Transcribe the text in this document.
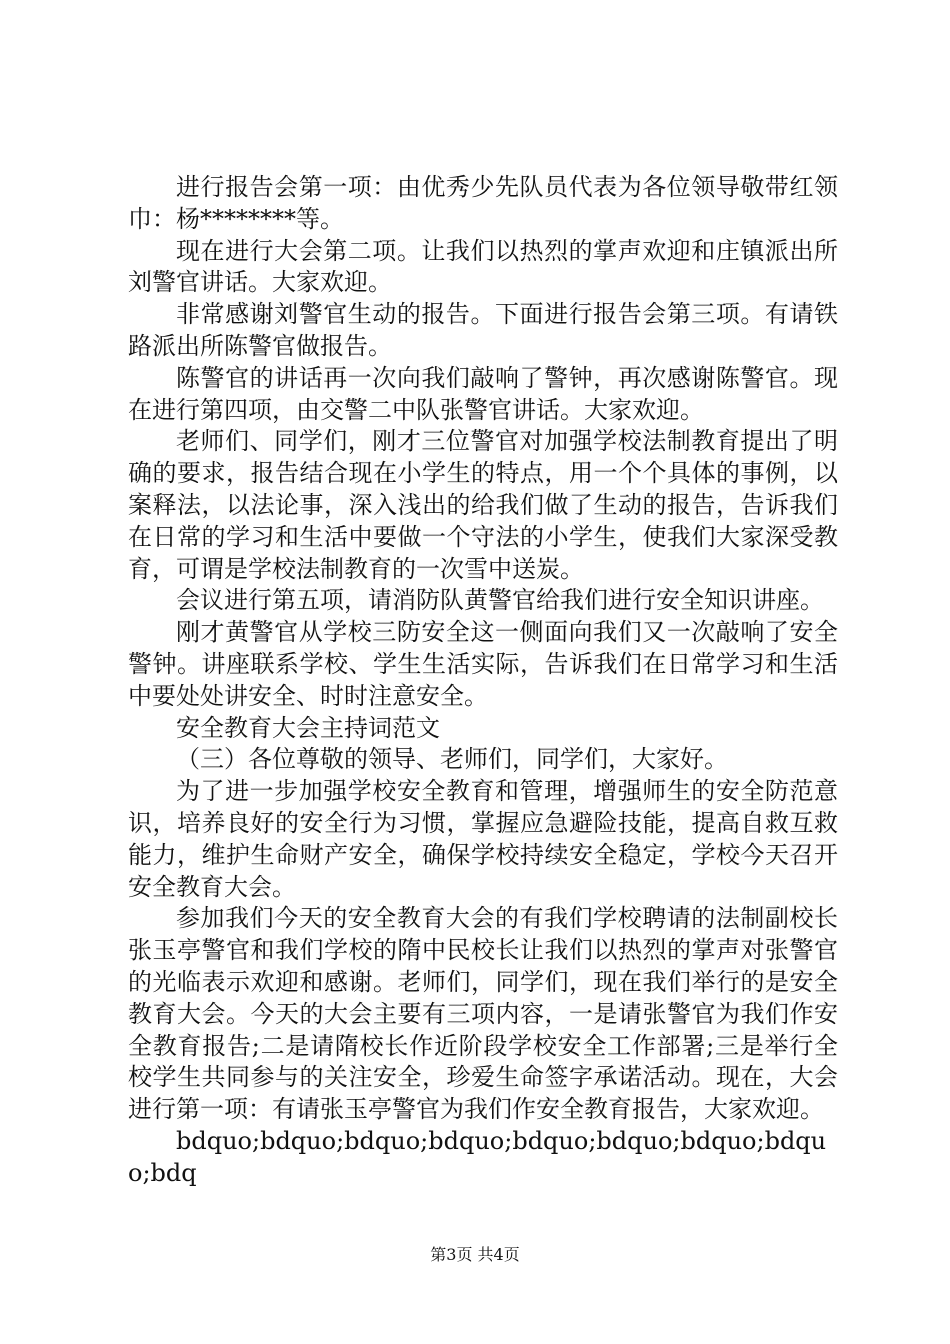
进行报告会第一项：由优秀少先队员代表为各位领导敬带红领巾：杨********等。

现在进行大会第二项。让我们以热烈的掌声欢迎和庄镇派出所刘警官讲话。大家欢迎。

非常感谢刘警官生动的报告。下面进行报告会第三项。有请铁路派出所陈警官做报告。

陈警官的讲话再一次向我们敲响了警钟，再次感谢陈警官。现在进行第四项，由交警二中队张警官讲话。大家欢迎。

老师们、同学们，刚才三位警官对加强学校法制教育提出了明确的要求，报告结合现在小学生的特点，用一个个具体的事例，以案释法，以法论事，深入浅出的给我们做了生动的报告，告诉我们在日常的学习和生活中要做一个守法的小学生，使我们大家深受教育，可谓是学校法制教育的一次雪中送炭。

会议进行第五项，请消防队黄警官给我们进行安全知识讲座。

刚才黄警官从学校三防安全这一侧面向我们又一次敲响了安全警钟。讲座联系学校、学生生活实际，告诉我们在日常学习和生活中要处处讲安全、时时注意安全。

安全教育大会主持词范文

（三）各位尊敬的领导、老师们，同学们，大家好。

为了进一步加强学校安全教育和管理，增强师生的安全防范意识，培养良好的安全行为习惯，掌握应急避险技能，提高自救互救能力，维护生命财产安全，确保学校持续安全稳定，学校今天召开安全教育大会。

参加我们今天的安全教育大会的有我们学校聘请的法制副校长张玉亭警官和我们学校的隋中民校长让我们以热烈的掌声对张警官的光临表示欢迎和感谢。老师们，同学们，现在我们举行的是安全教育大会。今天的大会主要有三项内容，一是请张警官为我们作安全教育报告;二是请隋校长作近阶段学校安全工作部署;三是举行全校学生共同参与的关注安全，珍爱生命签字承诺活动。现在，大会进行第一项：有请张玉亭警官为我们作安全教育报告，大家欢迎。

bdquo;bdquo;bdquo;bdquo;bdquo;bdquo;bdquo;bdquo;bdq

第3页 共4页
